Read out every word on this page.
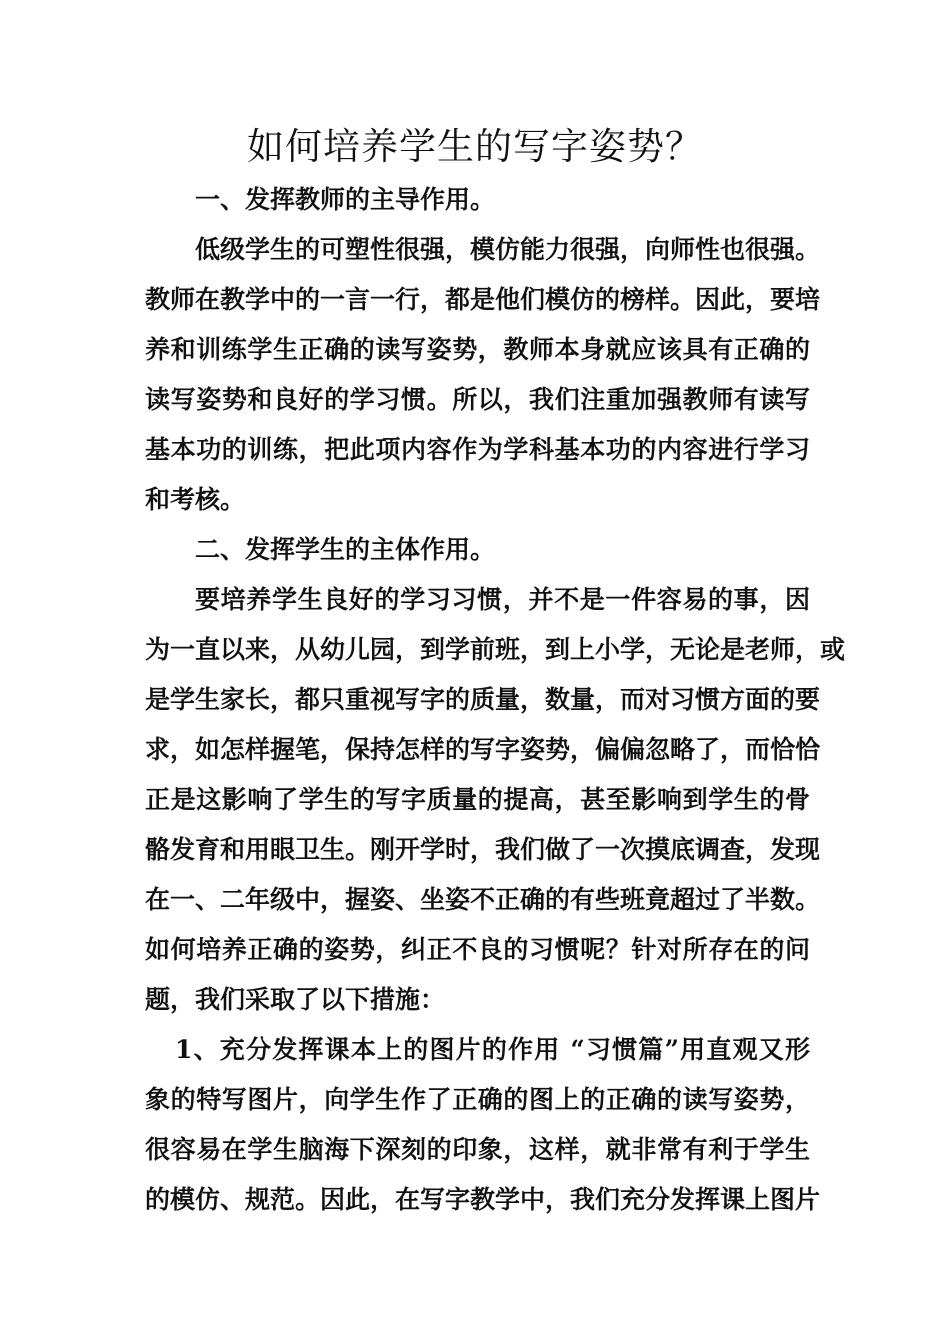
如何培养学生的写字姿势？
一、发挥教师的主导作用。
低级学生的可塑性很强，模仿能力很强，向师性也很强。
教师在教学中的一言一行，都是他们模仿的榜样。因此，要培
养和训练学生正确的读写姿势，教师本身就应该具有正确的
读写姿势和良好的学习惯。所以，我们注重加强教师有读写
基本功的训练，把此项内容作为学科基本功的内容进行学习
和考核。
二、发挥学生的主体作用。
要培养学生良好的学习习惯，并不是一件容易的事，因
为一直以来，从幼儿园，到学前班，到上小学，无论是老师，或
是学生家长，都只重视写字的质量，数量，而对习惯方面的要
求，如怎样握笔，保持怎样的写字姿势，偏偏忽略了，而恰恰
正是这影响了学生的写字质量的提高，甚至影响到学生的骨
骼发育和用眼卫生。刚开学时，我们做了一次摸底调查，发现
在一、二年级中，握姿、坐姿不正确的有些班竟超过了半数。
如何培养正确的姿势，纠正不良的习惯呢？针对所存在的问
题，我们采取了以下措施：
1、充分发挥课本上的图片的作用 “习惯篇”用直观又形
象的特写图片，向学生作了正确的图上的正确的读写姿势，
很容易在学生脑海下深刻的印象，这样，就非常有利于学生
的模仿、规范。因此，在写字教学中，我们充分发挥课上图片
